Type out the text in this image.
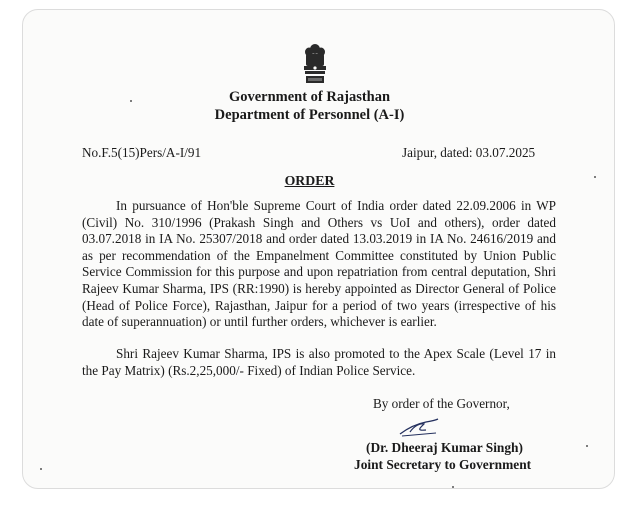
Government of Rajasthan
Department of Personnel (A-I)
No.F.5(15)Pers/A-I/91	Jaipur, dated: 03.07.2025
ORDER

In pursuance of Hon'ble Supreme Court of India order dated 22.09.2006 in WP (Civil) No. 310/1996 (Prakash Singh and Others vs UoI and others), order dated 03.07.2018 in IA No. 25307/2018 and order dated 13.03.2019 in IA No. 24616/2019 and as per recommendation of the Empanelment Committee constituted by Union Public Service Commission for this purpose and upon repatriation from central deputation, Shri Rajeev Kumar Sharma, IPS (RR:1990) is hereby appointed as Director General of Police (Head of Police Force), Rajasthan, Jaipur for a period of two years (irrespective of his date of superannuation) or until further orders, whichever is earlier.

Shri Rajeev Kumar Sharma, IPS is also promoted to the Apex Scale (Level 17 in the Pay Matrix) (Rs.2,25,000/- Fixed) of Indian Police Service.

By order of the Governor,
(Dr. Dheeraj Kumar Singh)
Joint Secretary to Government
